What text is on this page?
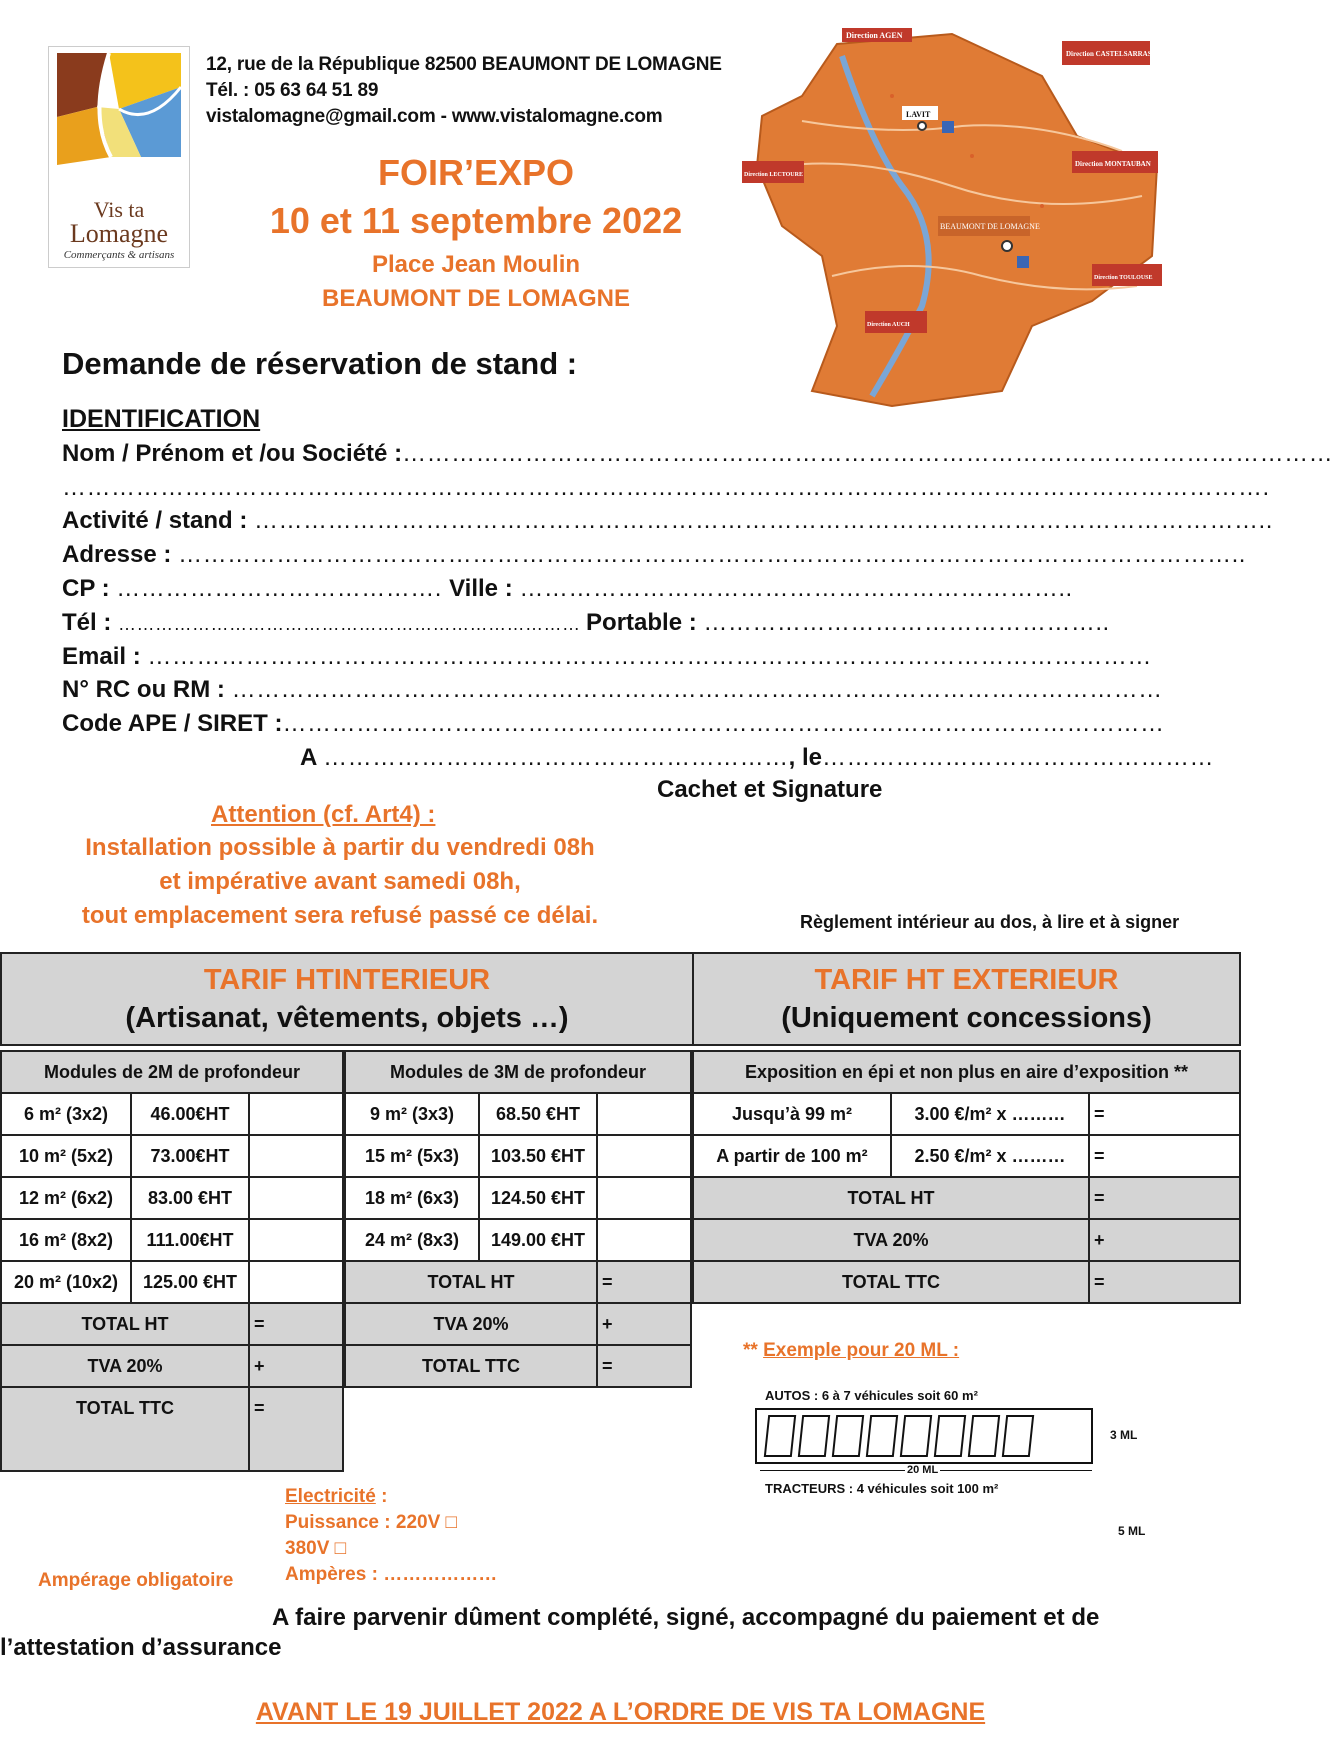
Vis ta
Lomagne
Commerçants & artisans
12, rue de la République 82500 BEAUMONT DE LOMAGNE
Tél. : 05 63 64 51 89
vistalomagne@gmail.com - www.vistalomagne.com
FOIR’EXPO
10 et 11 septembre 2022
Place Jean Moulin
BEAUMONT DE LOMAGNE
Direction AGEN
Direction CASTELSARRASIN
Direction MONTAUBAN
Direction LECTOURE
Direction TOULOUSE
Direction AUCH
BEAUMONT DE LOMAGNE
LAVIT
Demande de réservation de stand :
IDENTIFICATION
Nom / Prénom et /ou Société :……………………………………………………………………………………………………
………………………………………………………………………………………………………………………………….
Activité / stand : ……………………………………………………………………………………………………………..
Adresse : …………………………………………………………………………………………………………………..
CP : …………………………………. Ville : …………………………………………………………..
Tél : ………………………………………………………………… Portable : …………………………………………..
Email : ……………………………………………………………………………………………………………
N° RC ou RM : ……………………………………………………………………………………………………
Code APE / SIRET :………………………………………………………………………………………………
A …………………………………………………, le…………………………………………
Cachet et Signature
Attention (cf. Art4) :
Installation possible à partir du vendredi 08h
et impérative avant samedi 08h,
tout emplacement sera refusé passé ce délai.	Règlement intérieur au dos, à lire et à signer
TARIF HTINTERIEUR
(Artisanat, vêtements, objets …)

TARIF HT EXTERIEUR
(Uniquement concessions)
Modules de 2M de profondeur		
6 m² (3x2)	46.00€HT	
10 m² (5x2)	73.00€HT	
12 m² (6x2)	83.00 €HT	
16 m² (8x2)	111.00€HT	
20 m² (10x2)	125.00 €HT	
TOTAL HT		=
TVA 20%		+
TOTAL TTC		=
Modules de 3M de profondeur		
9 m² (3x3)	68.50 €HT	
15 m² (5x3)	103.50 €HT	
18 m² (6x3)	124.50 €HT	
24 m² (8x3)	149.00 €HT	
TOTAL HT		=
TVA 20%		+
TOTAL TTC		=
Exposition en épi et non plus en aire d’exposition **		
Jusqu’à 99 m²	3.00 €/m² x ………	=
A partir de 100 m²	2.50 €/m² x ………	=
TOTAL HT		=
TVA 20%		+
TOTAL TTC		=
** Exemple pour 20 ML :
AUTOS : 6 à 7 véhicules soit 60 m²
3 ML
20 ML
TRACTEURS : 4 véhicules soit 100 m²
5 ML
Electricité :
Puissance : 220V □
380V □
Ampères : ………………
Ampérage obligatoire
A faire parvenir dûment complété, signé, accompagné du paiement et de
l’attestation d’assurance
AVANT LE 19 JUILLET 2022 A L’ORDRE DE VIS TA LOMAGNE
